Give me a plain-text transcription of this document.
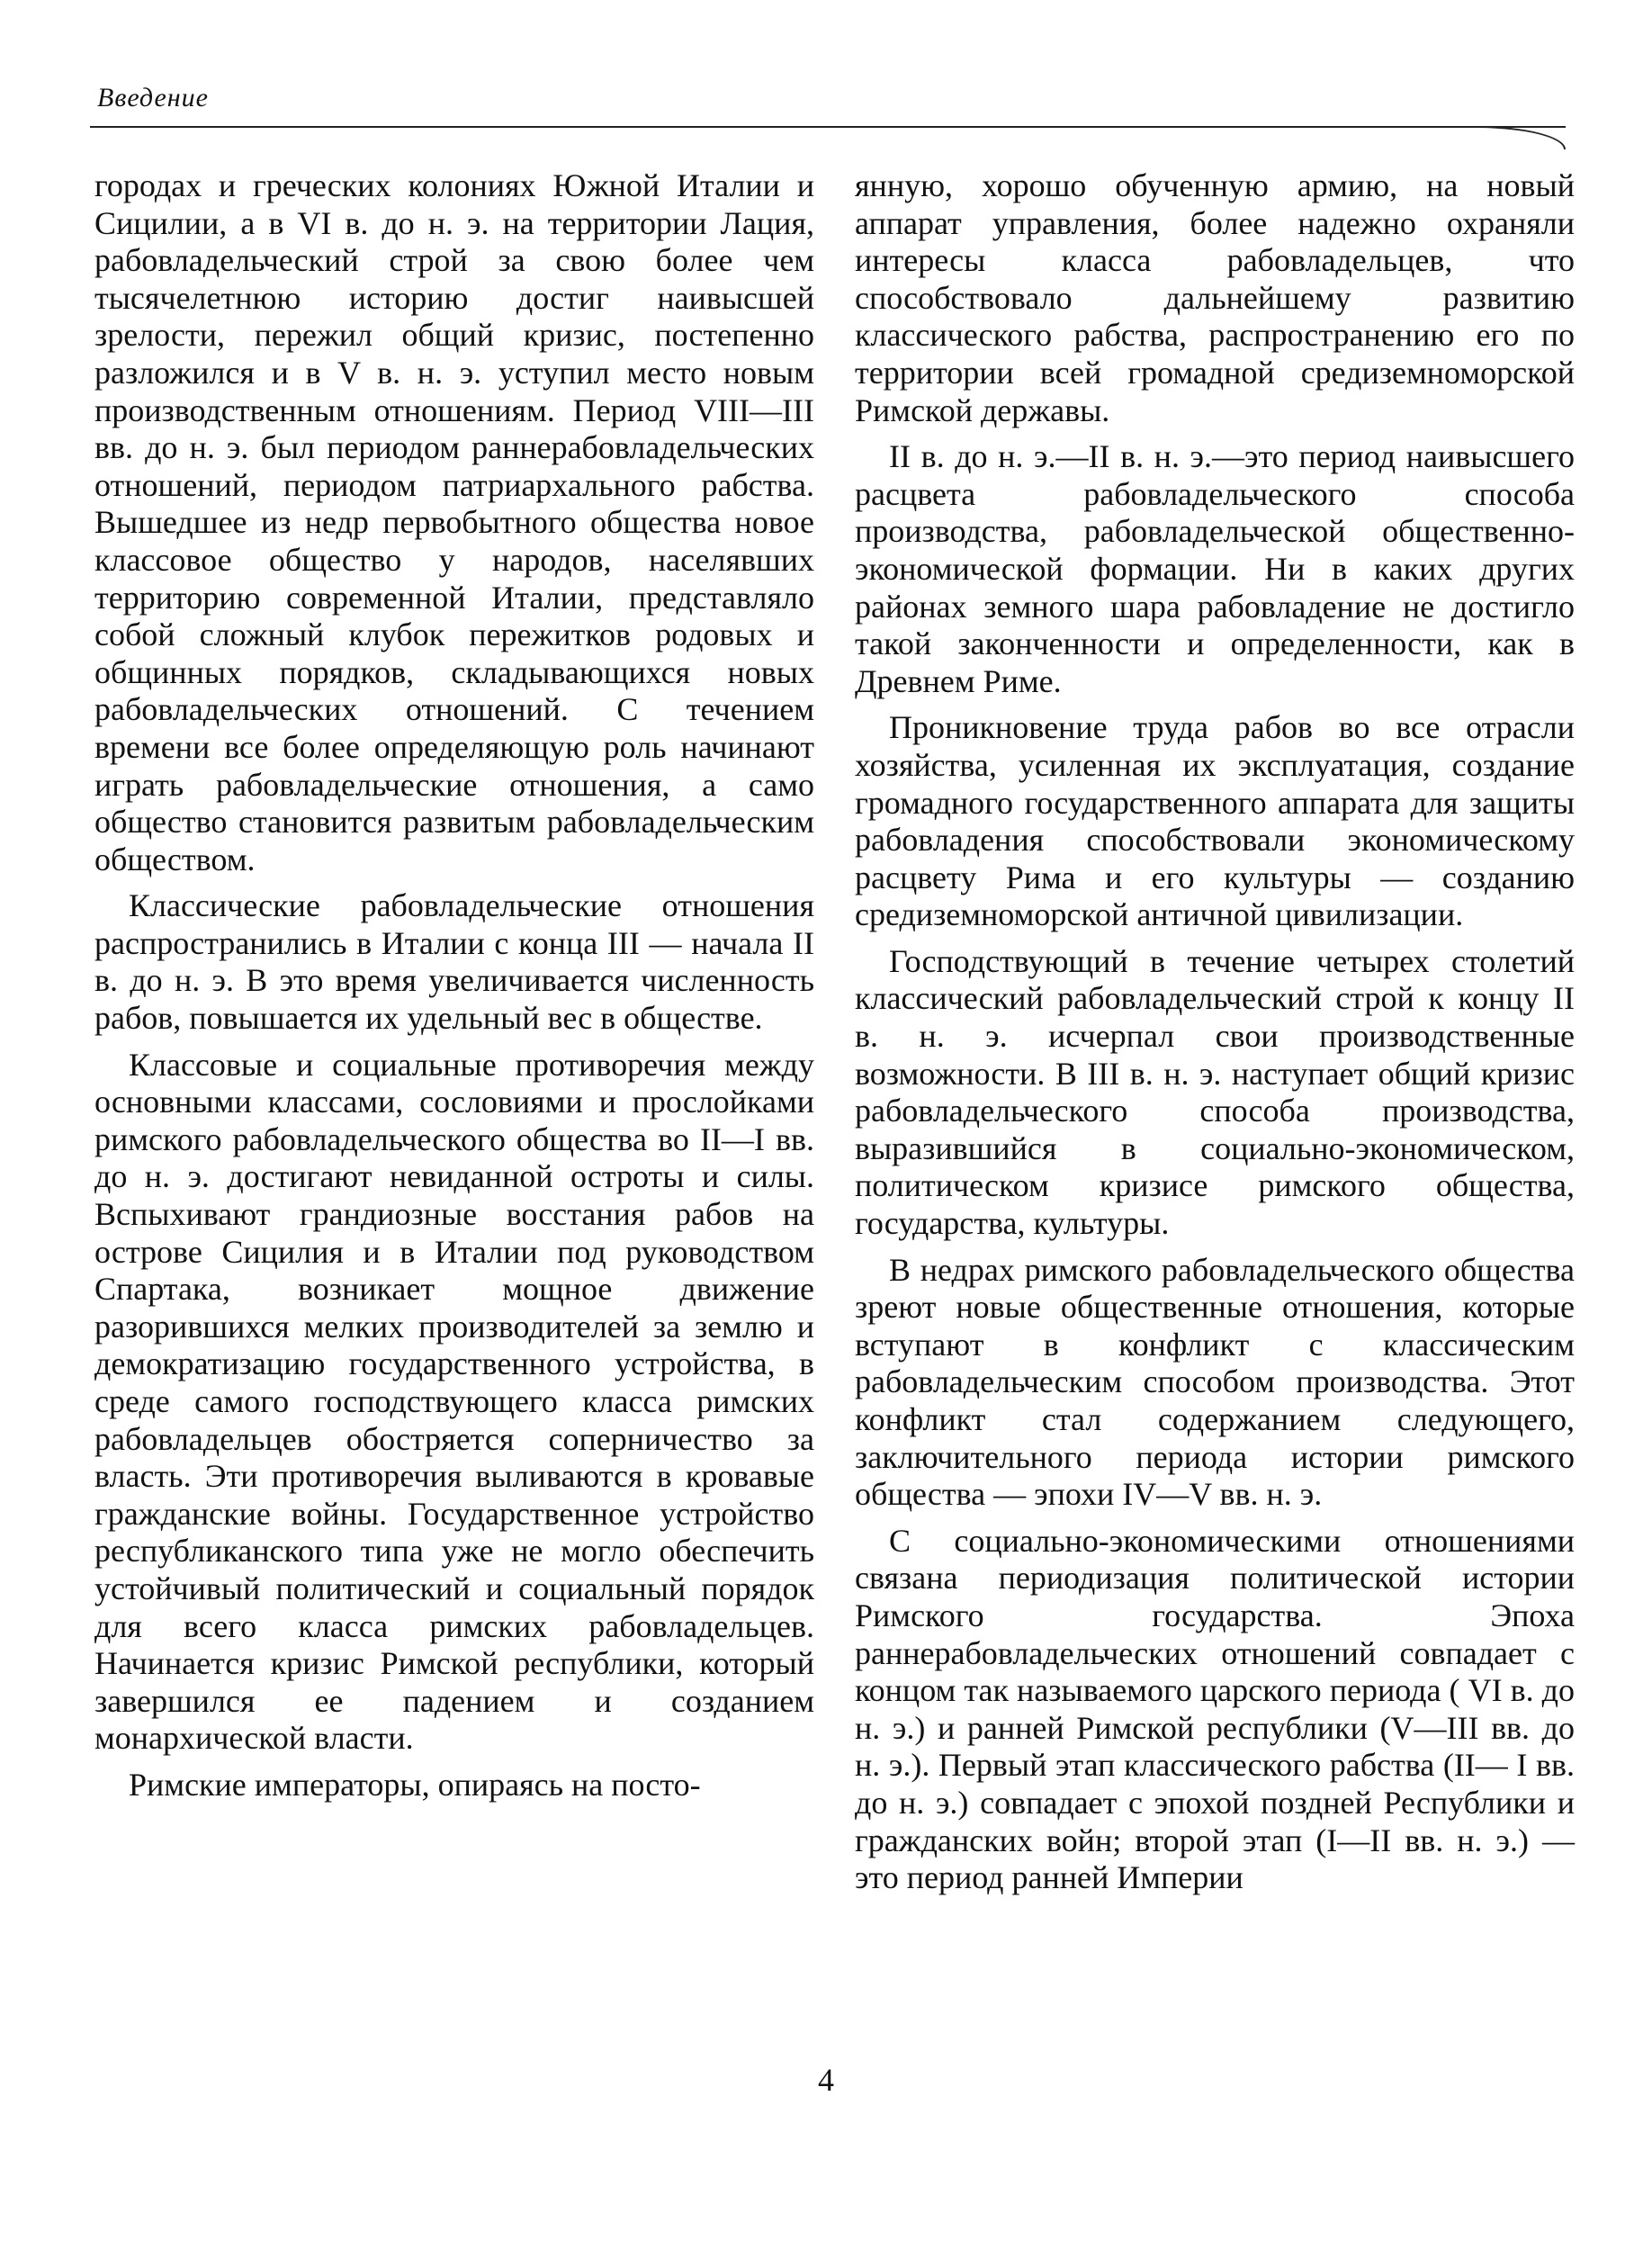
Введение

городах и греческих колониях Южной Италии и Сицилии, а в VI в. до н. э. на территории Лация, рабовладельческий строй за свою более чем тысячелетнюю историю достиг наивысшей зрелости, пережил общий кризис, постепенно разложился и в V в. н. э. уступил место новым производственным отношениям. Период VIII—III вв. до н. э. был периодом раннерабовладельческих отношений, периодом патриархального рабства. Вышедшее из недр первобытного общества новое классовое общество у народов, населявших территорию современной Италии, представляло собой сложный клубок пережитков родовых и общинных порядков, складывающихся новых рабовладельческих отношений. С течением времени все более определяющую роль начинают играть рабовладельческие отношения, а само общество становится развитым рабовладельческим обществом.

Классические рабовладельческие отношения распространились в Италии с конца III — начала II в. до н. э. В это время увеличивается численность рабов, повышается их удельный вес в обществе.

Классовые и социальные противоречия между основными классами, сословиями и прослойками римского рабовладельческого общества во II—I вв. до н. э. достигают невиданной остроты и силы. Вспыхивают грандиозные восстания рабов на острове Сицилия и в Италии под руководством Спартака, возникает мощное движение разорившихся мелких производителей за землю и демократизацию государственного устройства, в среде самого господствующего класса римских рабовладельцев обостряется соперничество за власть. Эти противоречия выливаются в кровавые гражданские войны. Государственное устройство республиканского типа уже не могло обеспечить устойчивый политический и социальный порядок для всего класса римских рабовладельцев. Начинается кризис Римской республики, который завершился ее падением и созданием монархической власти.

Римские императоры, опираясь на посто-

янную, хорошо обученную армию, на новый аппарат управления, более надежно охраняли интересы класса рабовладельцев, что способствовало дальнейшему развитию классического рабства, распространению его по территории всей громадной средиземноморской Римской державы.

II в. до н. э.—II в. н. э.—это период наивысшего расцвета рабовладельческого способа производства, рабовладельческой общественно-экономической формации. Ни в каких других районах земного шара рабовладение не достигло такой законченности и определенности, как в Древнем Риме.

Проникновение труда рабов во все отрасли хозяйства, усиленная их эксплуатация, создание громадного государственного аппарата для защиты рабовладения способствовали экономическому расцвету Рима и его культуры — созданию средиземноморской античной цивилизации.

Господствующий в течение четырех столетий классический рабовладельческий строй к концу II в. н. э. исчерпал свои производственные возможности. В III в. н. э. наступает общий кризис рабовладельческого способа производства, выразившийся в социально-экономическом, политическом кризисе римского общества, государства, культуры.

В недрах римского рабовладельческого общества зреют новые общественные отношения, которые вступают в конфликт с классическим рабовладельческим способом производства. Этот конфликт стал содержанием следующего, заключительного периода истории римского общества — эпохи IV—V вв. н. э.

С социально-экономическими отношениями связана периодизация политической истории Римского государства. Эпоха раннерабовладельческих отношений совпадает с концом так называемого царского периода ( VI в. до н. э.) и ранней Римской республики (V—III вв. до н. э.). Первый этап классического рабства (II— I вв. до н. э.) совпадает с эпохой поздней Республики и гражданских войн; второй этап (I—II вв. н. э.) — это период ранней Империи

4
